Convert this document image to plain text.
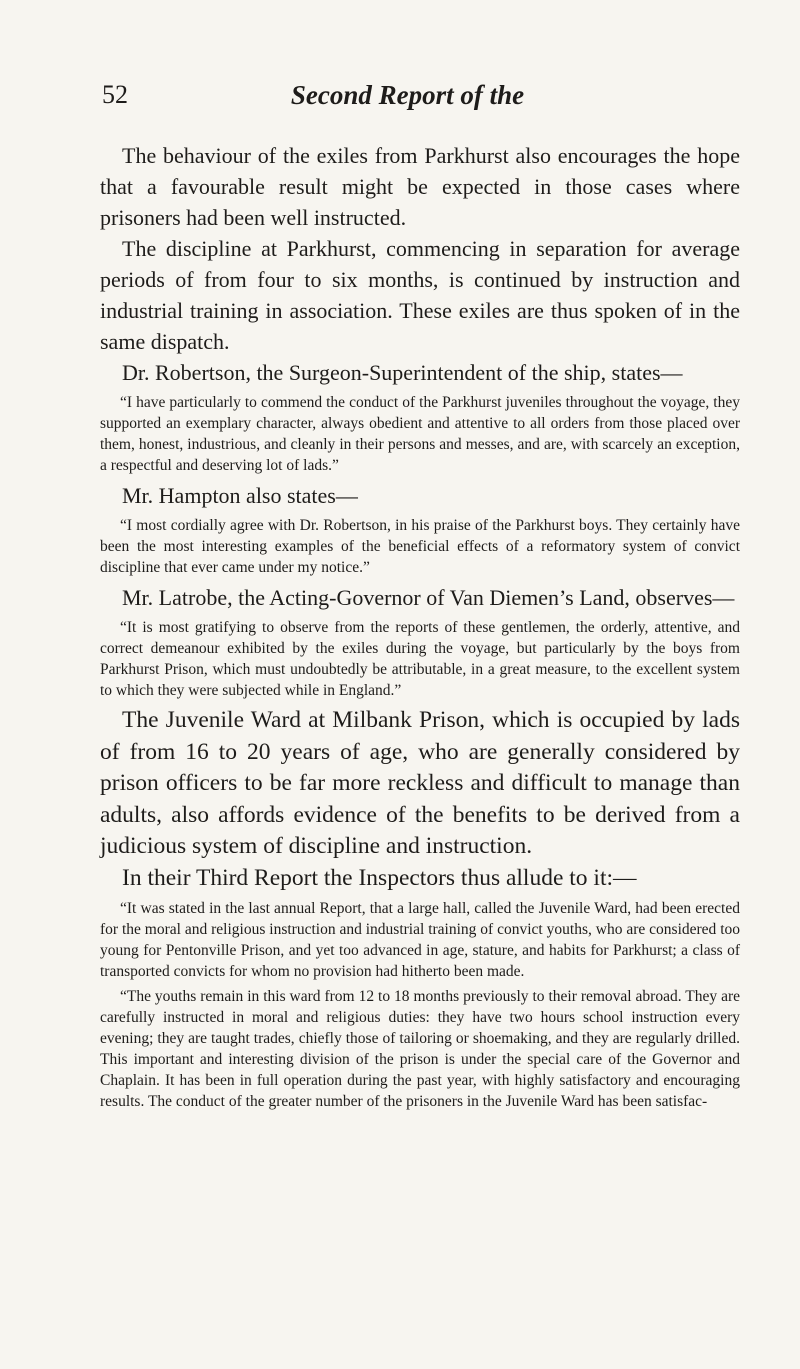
52	Second Report of the

The behaviour of the exiles from Parkhurst also encourages the hope that a favourable result might be expected in those cases where prisoners had been well instructed.

The discipline at Parkhurst, commencing in separation for average periods of from four to six months, is continued by instruction and industrial training in association. These exiles are thus spoken of in the same dispatch.

Dr. Robertson, the Surgeon-Superintendent of the ship, states—

“I have particularly to commend the conduct of the Parkhurst juveniles throughout the voyage, they supported an exemplary character, always obedient and attentive to all orders from those placed over them, honest, industrious, and cleanly in their persons and messes, and are, with scarcely an exception, a respectful and deserving lot of lads.”

Mr. Hampton also states—

“I most cordially agree with Dr. Robertson, in his praise of the Parkhurst boys. They certainly have been the most interesting examples of the beneficial effects of a reformatory system of convict discipline that ever came under my notice.”

Mr. Latrobe, the Acting-Governor of Van Diemen’s Land, observes—

“It is most gratifying to observe from the reports of these gentlemen, the orderly, attentive, and correct demeanour exhibited by the exiles during the voyage, but particularly by the boys from Parkhurst Prison, which must undoubtedly be attributable, in a great measure, to the excellent system to which they were subjected while in England.”

The Juvenile Ward at Milbank Prison, which is occupied by lads of from 16 to 20 years of age, who are generally considered by prison officers to be far more reckless and difficult to manage than adults, also affords evidence of the benefits to be derived from a judicious system of discipline and instruction.

In their Third Report the Inspectors thus allude to it:—

“It was stated in the last annual Report, that a large hall, called the Juvenile Ward, had been erected for the moral and religious instruction and industrial training of convict youths, who are considered too young for Pentonville Prison, and yet too advanced in age, stature, and habits for Parkhurst; a class of transported convicts for whom no provision had hitherto been made.

“The youths remain in this ward from 12 to 18 months previously to their removal abroad. They are carefully instructed in moral and religious duties: they have two hours school instruction every evening; they are taught trades, chiefly those of tailoring or shoemaking, and they are regularly drilled. This important and interesting division of the prison is under the special care of the Governor and Chaplain. It has been in full operation during the past year, with highly satisfactory and encouraging results. The conduct of the greater number of the prisoners in the Juvenile Ward has been satisfac-
